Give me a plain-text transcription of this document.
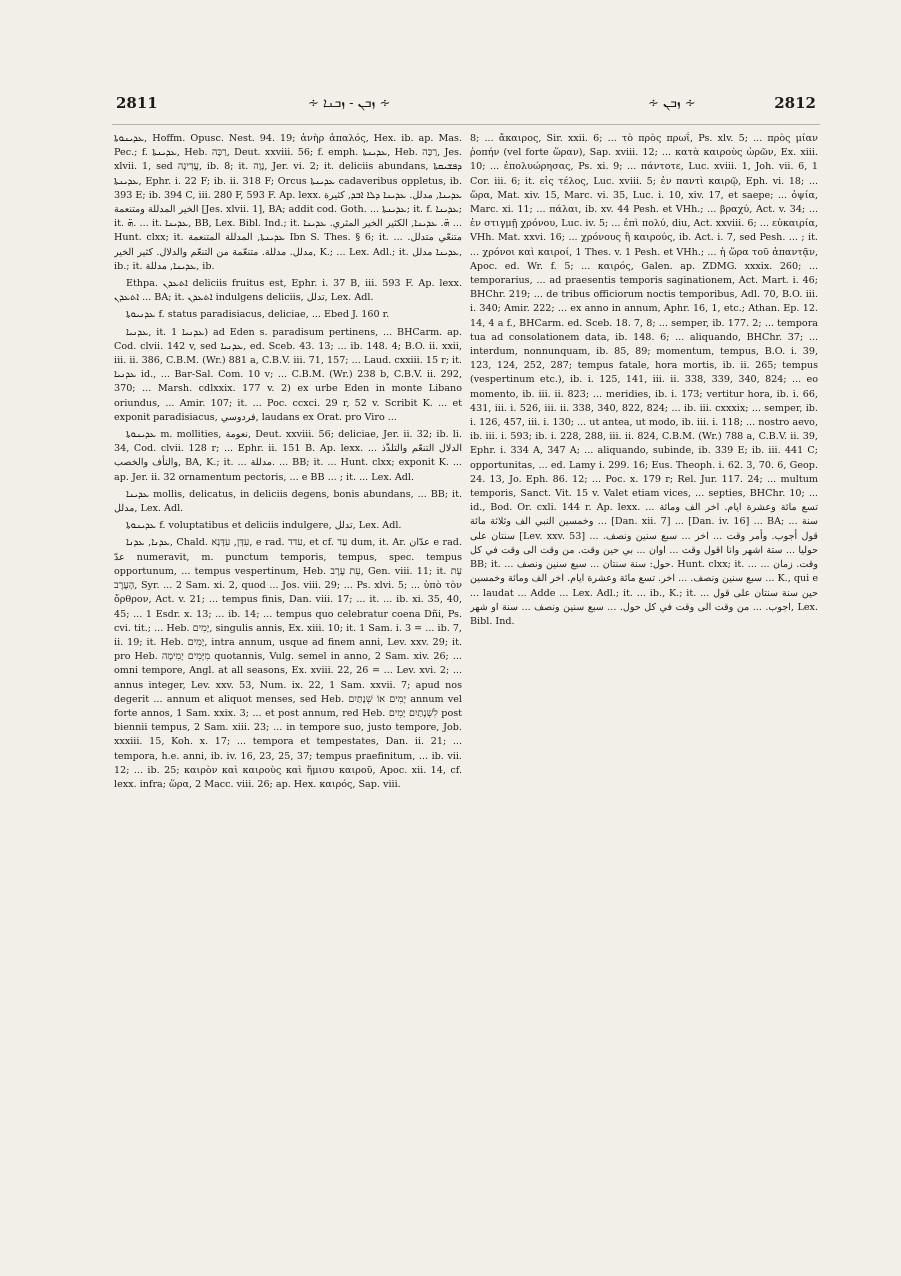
2811	∻ ܙܒܢ - ܙܒܢܐ ∻	∻ ܙܒܢ ∻	2812

ܥܕܝܢܘܬܐ, Hoffm. Opusc. Nest. 94. 19; ἀνὴρ ἁπαλός, Hex. ib. ap. Mas. Pec.; f. ܥܕܝܢܬܐ, Heb. רַכָּה, Deut. xxviii. 56; f. emph. ܥܕܝܢܬܐ, Heb. רַכָּה, Jes. xlvii. 1, sed עֲדִינָה, ib. 8; it. נָוָה, Jer. vi. 2; it. deliciis abundans, ܕܦܫܝܩܬܐ ܥܕܝܢܬܐ, Ephr. i. 22 F; ib. ii. 318 F; Orcus ܥܕܝܢܬܐ cadaveribus oppletus, ib. 393 E; ib. 394 C, iii. 280 F, 593 F. Ap. lexx. ܥܕܝܢܐ, مدلل. ܥܕܝܢܐ ܕܠܐ ܐܒܕ, كثيرة الخير المدللة ومتنعمة [Jes. xlvii. 1], BA; addit cod. Goth. ... ܥܕܝܢܬܐ; it. f. ܥܕܝܢܐ; it. ܗ̈. ... it. ܥܕܝܢܐ, BB, Lex. Bibl. Ind.; it. ܗ̈. ܥܕܝܢܐ, الكثير الخير المثري. ܥܕܝܢܐ ... Hunt. clxx; it. ܥܕܝܢܬܐ, المدللة المتنعمة Ibn S. Thes. § 6; it. ... متنعّي متدلل. مدلل. مدللة. متنعّمة من التنعّم والدلال. كثير الخير, K.; ... Lex. Adl.; it. ܥܕܝܢܐ مدلل, ib.; it. ܥܕܝܢܐ, مدللة, ib.

Ethpa. ܐܬܥܕܢ deliciis fruitus est, Ephr. i. 37 B, iii. 593 F. Ap. lexx. ܐܬܥܕܢ ... BA; it. ܐܬܥܕܢ indulgens deliciis, تدلل, Lex. Adl.

ܥܕܢܝܘܬܐ f. status paradisiacus, deliciae, ... Ebed J. 160 r.

ܥܕܢܝܐ, it. ܥܕܢܝܐ 1) ad Eden s. paradisum pertinens, ... BHCarm. ap. Cod. clvii. 142 v, sed ܥܕܢܝܐ, ed. Sceb. 43. 13; ... ib. 148. 4; B.O. ii. xxii, iii. ii. 386, C.B.M. (Wr.) 881 a, C.B.V. iii. 71, 157; ... Laud. cxxiii. 15 r; it. ܥܕܢܝܐ id., ... Bar-Sal. Com. 10 v; ... C.B.M. (Wr.) 238 b, C.B.V. ii. 292, 370; ... Marsh. cdlxxix. 177 v. 2) ex urbe Eden in monte Libano oriundus, ... Amir. 107; it. ... Poc. ccxci. 29 r, 52 v. Scribit K. ... et exponit paradisiacus, فردوسي, laudans ex Orat. pro Viro ...

ܥܕܝܢܘܬܐ m. mollities, نعومة, Deut. xxviii. 56; deliciae, Jer. ii. 32; ib. li. 34, Cod. clvii. 128 r; ... Ephr. ii. 151 B. Ap. lexx. ... الدلال التنعّم والتلذّذ والنأف والخصب, BA, K.; it. ... مدللة. ... BB; it. ... Hunt. clxx; exponit K. ... ap. Jer. ii. 32 ornamentum pectoris, ... e BB ... ; it. ... Lex. Adl.

ܥܕܝܢܐ mollis, delicatus, in deliciis degens, bonis abundans, ... BB; it. مدلل, Lex. Adl.

ܥܕܝܢܘܬܐ f. voluptatibus et deliciis indulgere, تدلل, Lex. Adl.

ܥܕܢܐ, ܥܕܢܐ, Chald. עִדָּן, עִדָּנָא, e rad. עדד, et cf. עַד dum, it. Ar. عدّان e rad. عدّ numeravit, m. punctum temporis, tempus, spec. tempus opportunum, ... tempus vespertinum, Heb. עֵת עֶרֶב, Gen. viii. 11; it. עֵת הָעֶרֶב, Syr. ... 2 Sam. xi. 2, quod ... Jos. viii. 29; ... Ps. xlvi. 5; ... ὑπὸ τὸν ὄρθρον, Act. v. 21; ... tempus finis, Dan. viii. 17; ... it. ... ib. xi. 35, 40, 45; ... 1 Esdr. x. 13; ... ib. 14; ... tempus quo celebratur coena Dñi, Ps. cvi. tit.; ... Heb. יָמִים, singulis annis, Ex. xiii. 10; it. 1 Sam. i. 3 = ... ib. 7, ii. 19; it. Heb. יָמִים, intra annum, usque ad finem anni, Lev. xxv. 29; it. pro Heb. מִיָּמִים יָמִימָה quotannis, Vulg. semel in anno, 2 Sam. xiv. 26; ... omni tempore, Angl. at all seasons, Ex. xviii. 22, 26 = ... Lev. xvi. 2; ... annus integer, Lev. xxv. 53, Num. ix. 22, 1 Sam. xxvii. 7; apud nos degerit ... annum et aliquot menses, sed Heb. יָמִים אוֹ שְׁנָתַיִם annum vel forte annos, 1 Sam. xxix. 3; ... et post annum, red Heb. לִשְׁנָתַיִם יָמִים post biennii tempus, 2 Sam. xiii. 23; ... in tempore suo, justo tempore, Job. xxxiii. 15, Koh. x. 17; ... tempora et tempestates, Dan. ii. 21; ... tempora, h.e. anni, ib. iv. 16, 23, 25, 37; tempus praefinitum, ... ib. vii. 12; ... ib. 25; καιρὸν καὶ καιροὺς καὶ ἥμισυ καιροῦ, Apoc. xii. 14, cf. lexx. infra; ὥρα, 2 Macc. viii. 26; ap. Hex. καιρός, Sap. viii.

8; ... ἄκαιρος, Sir. xxii. 6; ... τὸ πρὸς πρωΐ, Ps. xlv. 5; ... πρὸς μίαν ῥοπήν (vel forte ὥραν), Sap. xviii. 12; ... κατὰ καιροὺς ὡρῶν, Ex. xiii. 10; ... ἐπολυώρησας, Ps. xi. 9; ... πάντοτε, Luc. xviii. 1, Joh. vii. 6, 1 Cor. iii. 6; it. εἰς τέλος, Luc. xviii. 5; ἐν παντὶ καιρῷ, Eph. vi. 18; ... ὥρα, Mat. xiv. 15, Marc. vi. 35, Luc. i. 10, xiv. 17, et saepe; ... ὀψία, Marc. xi. 11; ... πάλαι, ib. xv. 44 Pesh. et VHh.; ... βραχύ, Act. v. 34; ... ἐν στιγμῇ χρόνου, Luc. iv. 5; ... ἐπὶ πολύ, diu, Act. xxviii. 6; ... εὐκαιρία, VHh. Mat. xxvi. 16; ... χρόνους ἢ καιρούς, ib. Act. i. 7, sed Pesh. ... ; it. ... χρόνοι καὶ καιροί, 1 Thes. v. 1 Pesh. et VHh.; ... ἡ ὥρα τοῦ ἀπαντᾷν, Apoc. ed. Wr. f. 5; ... καιρός, Galen. ap. ZDMG. xxxix. 260; ... temporarius, ... ad praesentis temporis saginationem, Act. Mart. i. 46; BHChr. 219; ... de tribus officiorum noctis temporibus, Adl. 70, B.O. iii. i. 340; Amir. 222; ... ex anno in annum, Aphr. 16, 1, etc.; Athan. Ep. 12. 14, 4 a f., BHCarm. ed. Sceb. 18. 7, 8; ... semper, ib. 177. 2; ... tempora tua ad consolationem data, ib. 148. 6; ... aliquando, BHChr. 37; ... interdum, nonnunquam, ib. 85, 89; momentum, tempus, B.O. i. 39, 123, 124, 252, 287; tempus fatale, hora mortis, ib. ii. 265; tempus (vespertinum etc.), ib. i. 125, 141, iii. ii. 338, 339, 340, 824; ... eo momento, ib. iii. ii. 823; ... meridies, ib. i. 173; vertitur hora, ib. i. 66, 431, iii. i. 526, iii. ii. 338, 340, 822, 824; ... ib. iii. cxxxix; ... semper, ib. i. 126, 457, iii. i. 130; ... ut antea, ut modo, ib. iii. i. 118; ... nostro aevo, ib. iii. i. 593; ib. i. 228, 288, iii. ii. 824, C.B.M. (Wr.) 788 a, C.B.V. ii. 39, Ephr. i. 334 A, 347 A; ... aliquando, subinde, ib. 339 E; ib. iii. 441 C; opportunitas, ... ed. Lamy i. 299. 16; Eus. Theoph. i. 62. 3, 70. 6, Geop. 24. 13, Jo. Eph. 86. 12; ... Poc. x. 179 r; Rel. Jur. 117. 24; ... multum temporis, Sanct. Vit. 15 v. Valet etiam vices, ... septies, BHChr. 10; ... id., Bod. Or. cxli. 144 r. Ap. lexx. ... تسع مائة وعشرة ايام. اخر الف ومائة وخمسين النبي الف وثلاثة مائة ... [Dan. xii. 7] ... [Dan. iv. 16] ... BA; ... سنة سنتان على [Lev. xxv. 53] ... قول أجوب. وأمر وقت ... اخر ... سبع سنين ونصف. حوليا ... ستة اشهر وانا اقول وقت ... اوان ... بي حين وقت. من وقت الى وقت في كل BB; it. ... حول: سنة سنتان ... سبع سنين ونصف. Hunt. clxx; it. ... وقت. زمان ... سبع سنين ونصف. ... اخر. تسع مائة وعشرة ايام. اخر الف ومائة وخمسين ... K., qui e ... laudat ... Adde ... Lex. Adl.; it. ... ib., K.; it. ... حين سنة سنتان على قول اجوب. ... من وقت الى وقت في كل حول. ... سبع سنين ونصف ... سنة او شهر, Lex. Bibl. Ind.
